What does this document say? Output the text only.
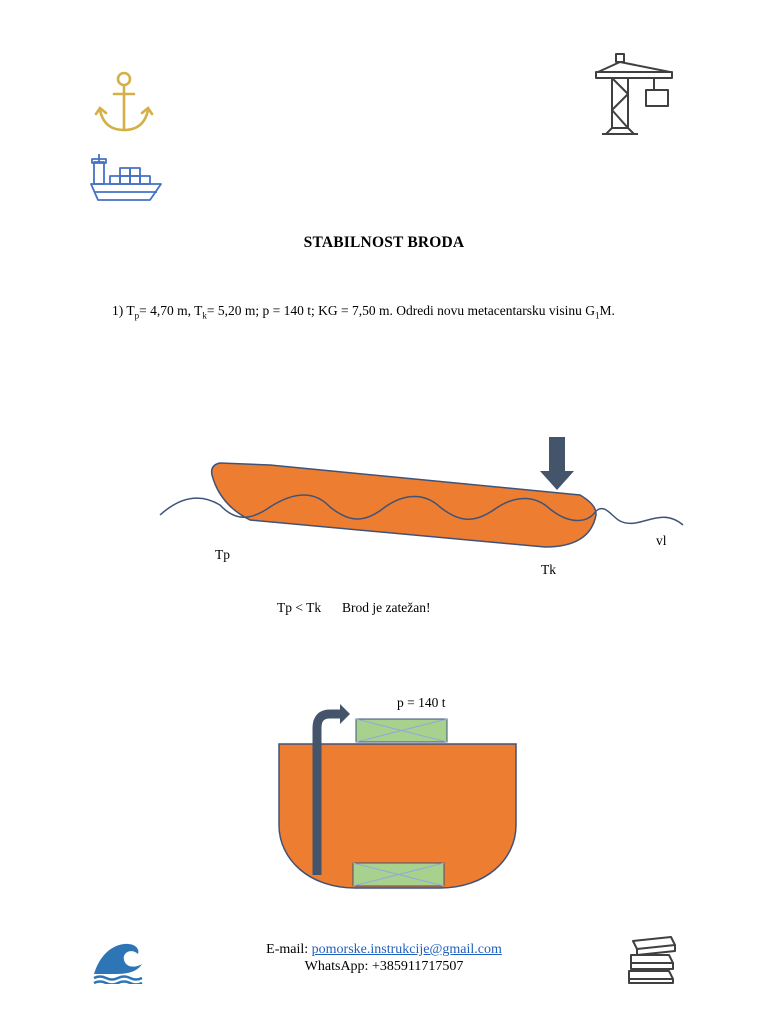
STABILNOST BRODA
1) $T_p= 4,70$ m, $T_k= 5,20$ m; p = 140 t; KG = 7,50 m. Odredi novu metacentarsku visinu $G_1M$.
Tp
Tk
vl
Tp < Tk Brod je zatežan!
p = 140 t
E-mail: pomorske.instrukcije@gmail.com
WhatsApp: +385911717507
